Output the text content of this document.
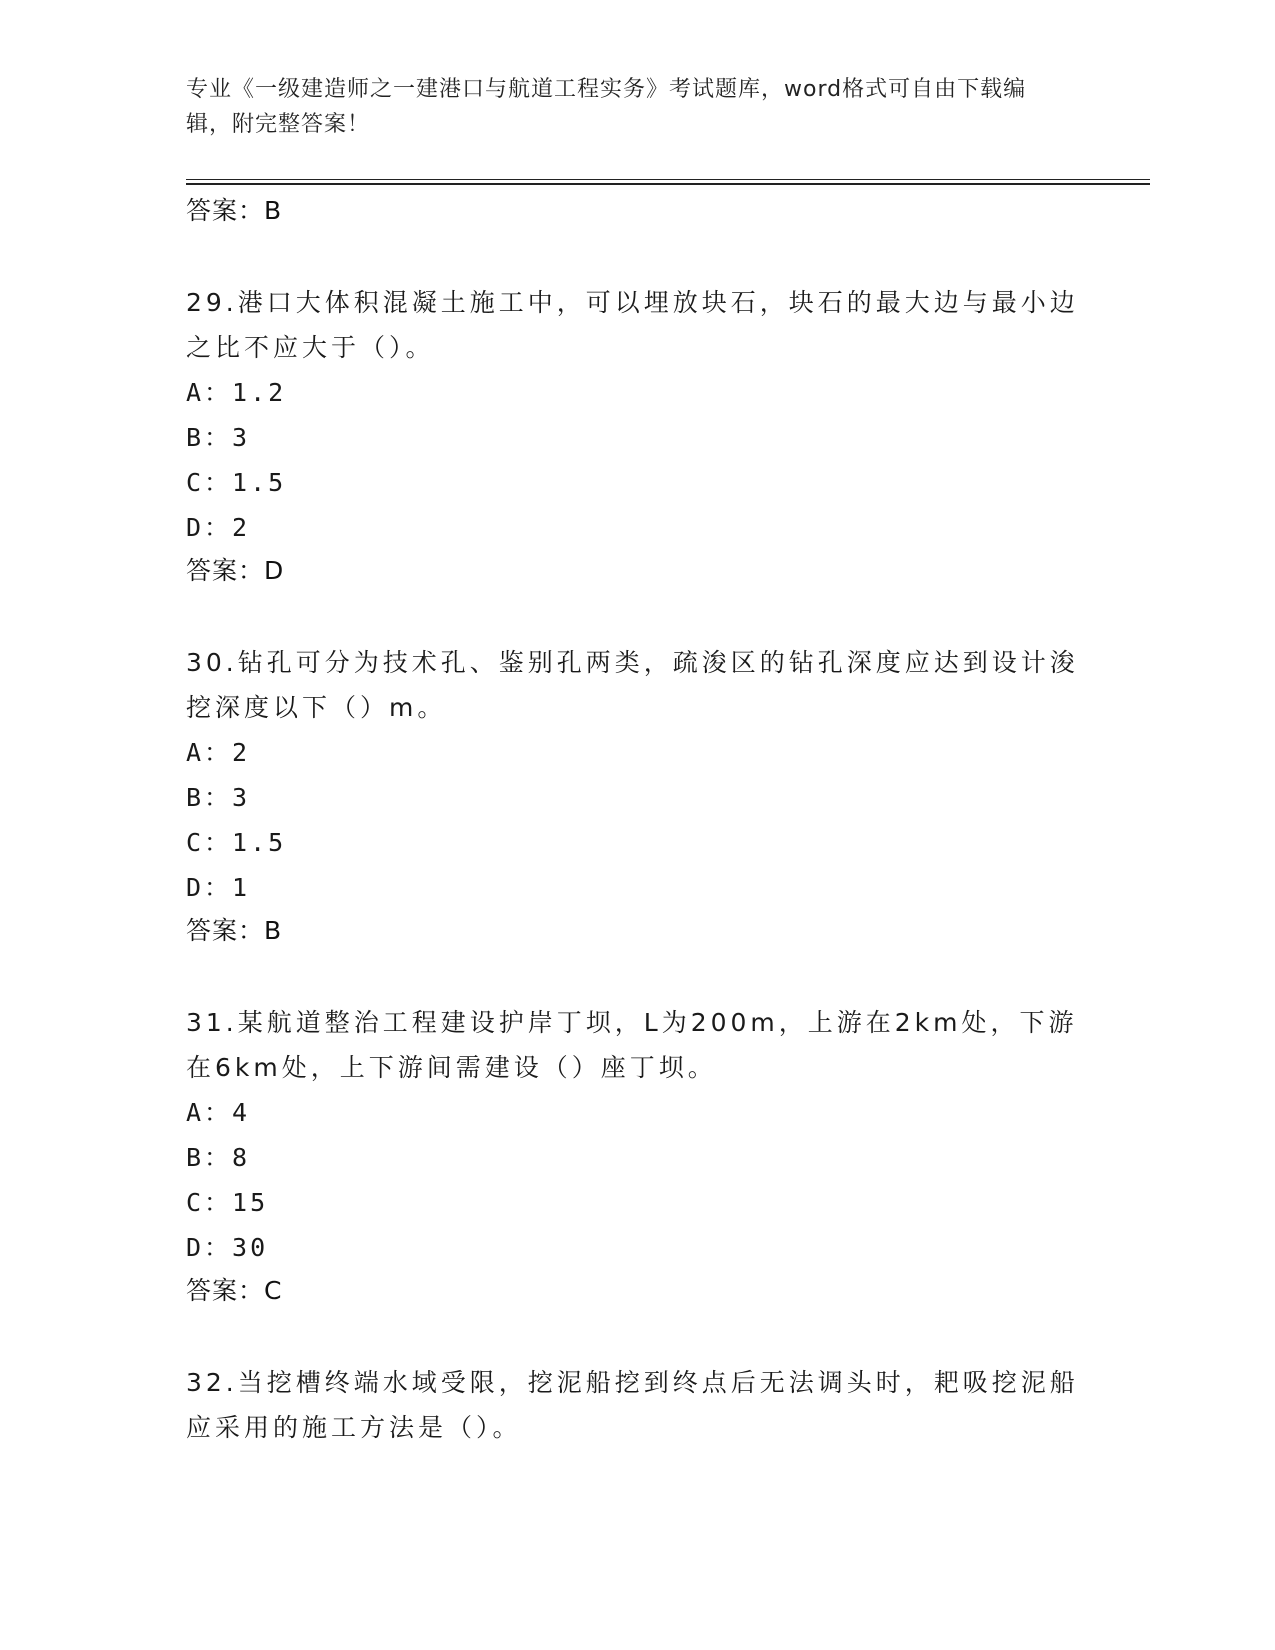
专业《一级建造师之一建港口与航道工程实务》考试题库，word格式可自由下载编辑，附完整答案！
答案：B

29.港口大体积混凝土施工中，可以埋放块石，块石的最大边与最小边之比不应大于（）。

A：1.2
B：3
C：1.5
D：2
答案：D

30.钻孔可分为技术孔、鉴别孔两类，疏浚区的钻孔深度应达到设计浚挖深度以下（）m。

A：2
B：3
C：1.5
D：1
答案：B

31.某航道整治工程建设护岸丁坝，L为200m，上游在2km处，下游在6km处，上下游间需建设（）座丁坝。

A：4
B：8
C：15
D：30
答案：C

32.当挖槽终端水域受限，挖泥船挖到终点后无法调头时，耙吸挖泥船应采用的施工方法是（）。
